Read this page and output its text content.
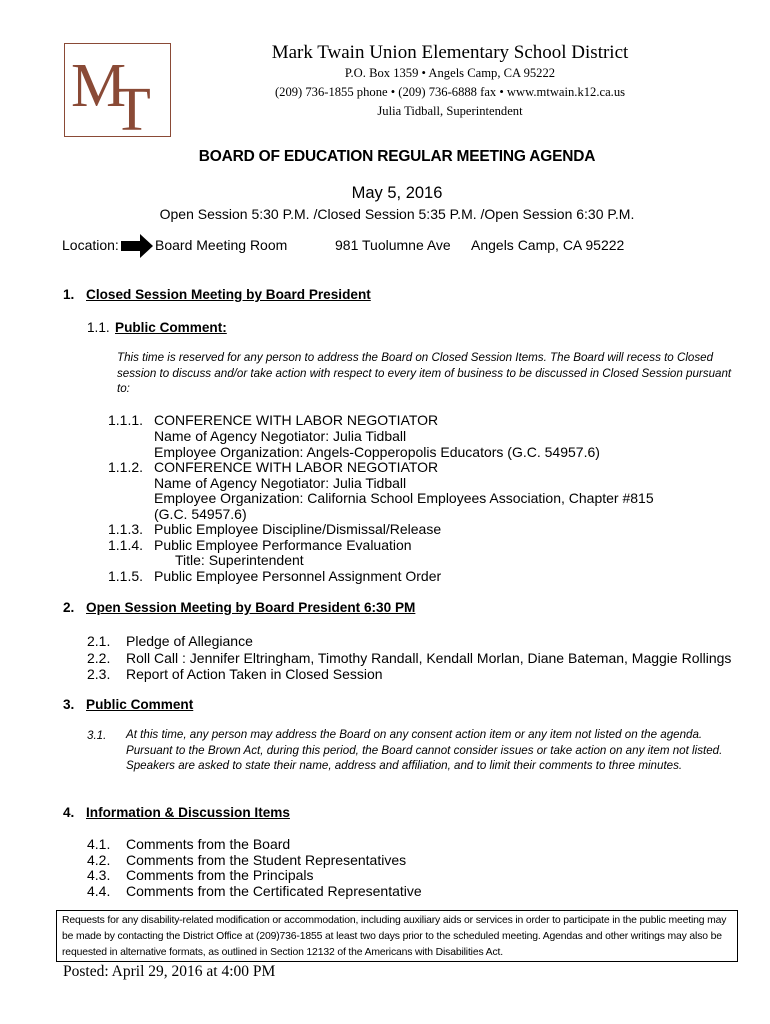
M
T
Mark Twain Union Elementary School District
P.O. Box 1359 • Angels Camp, CA 95222
(209) 736-1855 phone • (209) 736-6888 fax • www.mtwain.k12.ca.us
Julia Tidball, Superintendent
BOARD OF EDUCATION REGULAR MEETING AGENDA
May 5, 2016
Open Session 5:30 P.M. /Closed Session 5:35 P.M. /Open Session 6:30 P.M.
Location:	Board Meeting Room	981 Tuolumne Ave Angels Camp, CA 95222
1. Closed Session Meeting by Board President
1.1. Public Comment:
This time is reserved for any person to address the Board on Closed Session Items. The Board will recess to Closed session to discuss and/or take action with respect to every item of business to be discussed in Closed Session pursuant to:
1.1.1. CONFERENCE WITH LABOR NEGOTIATOR
Name of Agency Negotiator: Julia Tidball
Employee Organization: Angels-Copperopolis Educators (G.C. 54957.6)
1.1.2. CONFERENCE WITH LABOR NEGOTIATOR
Name of Agency Negotiator: Julia Tidball
Employee Organization: California School Employees Association, Chapter #815
(G.C. 54957.6)
1.1.3. Public Employee Discipline/Dismissal/Release
1.1.4. Public Employee Performance Evaluation
Title: Superintendent
1.1.5. Public Employee Personnel Assignment Order
2. Open Session Meeting by Board President 6:30 PM
2.1. Pledge of Allegiance
2.2. Roll Call : Jennifer Eltringham, Timothy Randall, Kendall Morlan, Diane Bateman, Maggie Rollings
2.3. Report of Action Taken in Closed Session
3. Public Comment
3.1. At this time, any person may address the Board on any consent action item or any item not listed on the agenda. Pursuant to the Brown Act, during this period, the Board cannot consider issues or take action on any item not listed. Speakers are asked to state their name, address and affiliation, and to limit their comments to three minutes.
4. Information & Discussion Items
4.1. Comments from the Board
4.2. Comments from the Student Representatives
4.3. Comments from the Principals
4.4. Comments from the Certificated Representative
Requests for any disability-related modification or accommodation, including auxiliary aids or services in order to participate in the public meeting may be made by contacting the District Office at (209)736-1855 at least two days prior to the scheduled meeting. Agendas and other writings may also be requested in alternative formats, as outlined in Section 12132 of the Americans with Disabilities Act.
Posted: April 29, 2016 at 4:00 PM
